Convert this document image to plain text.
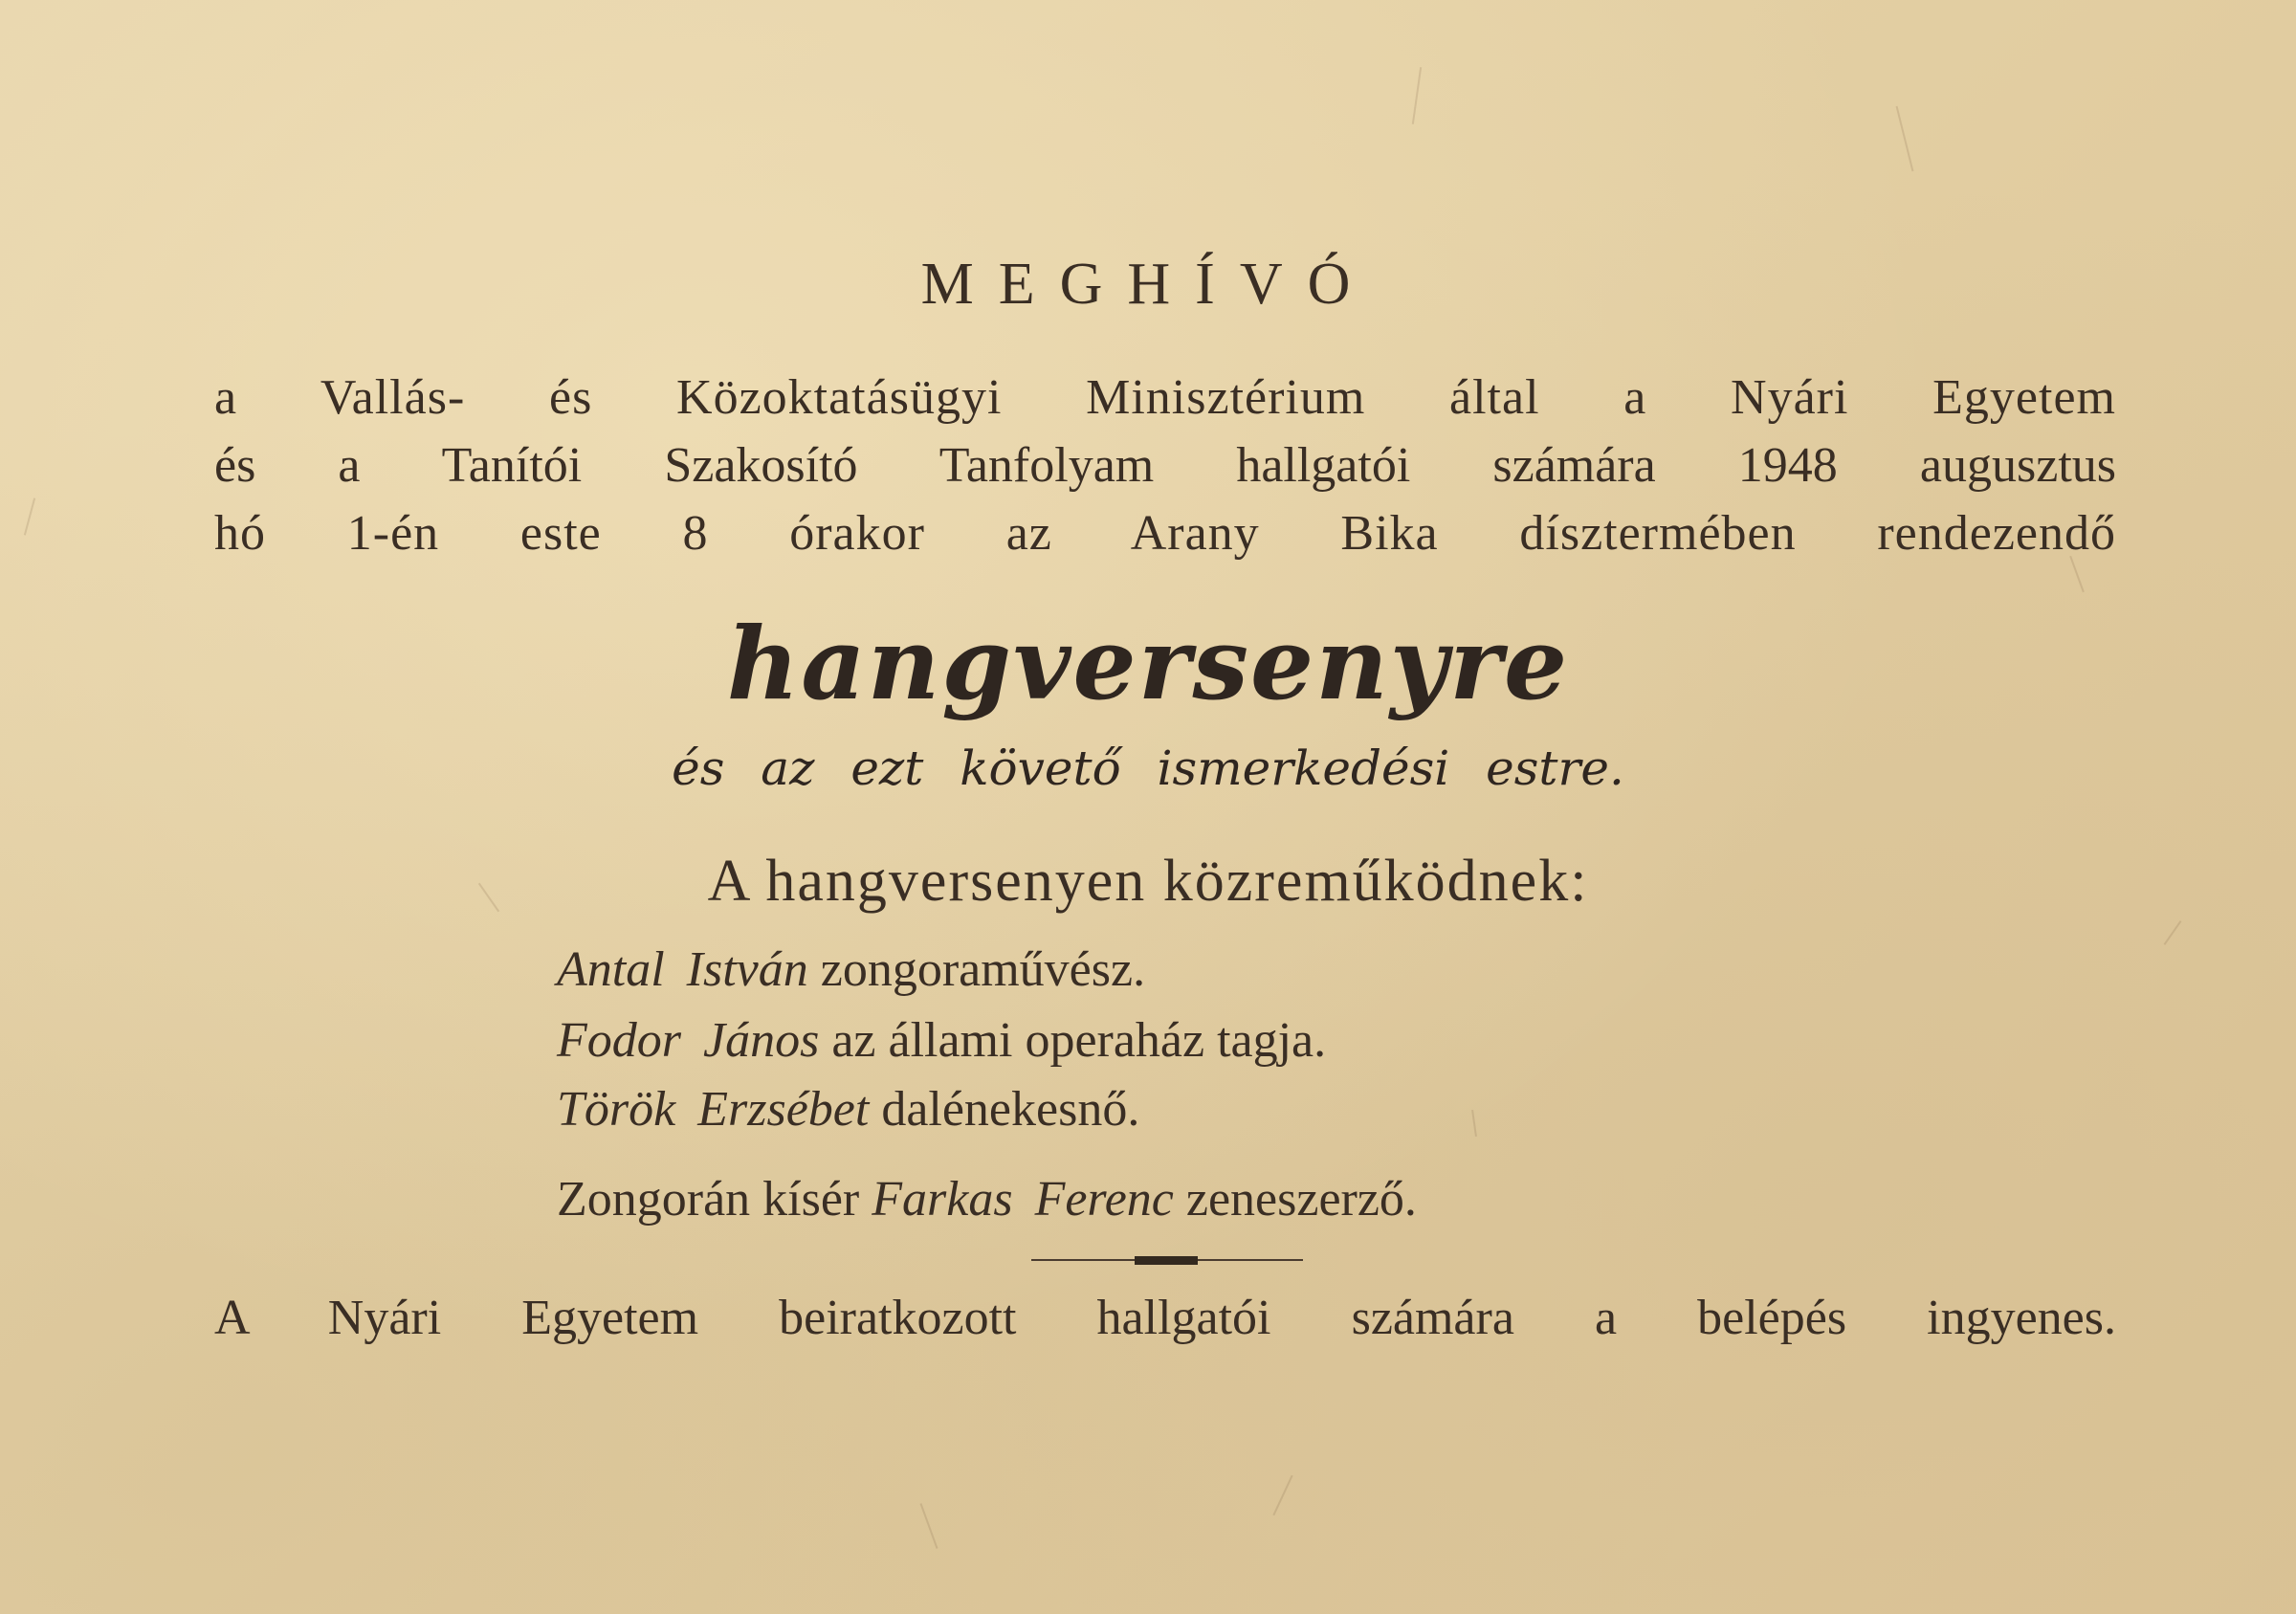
MEGHÍVÓ
a Vallás- és Közoktatásügyi Minisztérium által a Nyári Egyetem
és a Tanítói Szakosító Tanfolyam hallgatói számára 1948 augusztus
hó 1-én este 8 órakor az Arany Bika dísztermében rendezendő
hangversenyre
és az ezt követő ismerkedési estre.
A hangversenyen közreműködnek:
Antal István zongoraművész.
Fodor János az állami operaház tagja.
Török Erzsébet dalénekesnő.
Zongorán kísér Farkas Ferenc zeneszerző.
A Nyári Egyetem beiratkozott hallgatói számára a belépés ingyenes.
